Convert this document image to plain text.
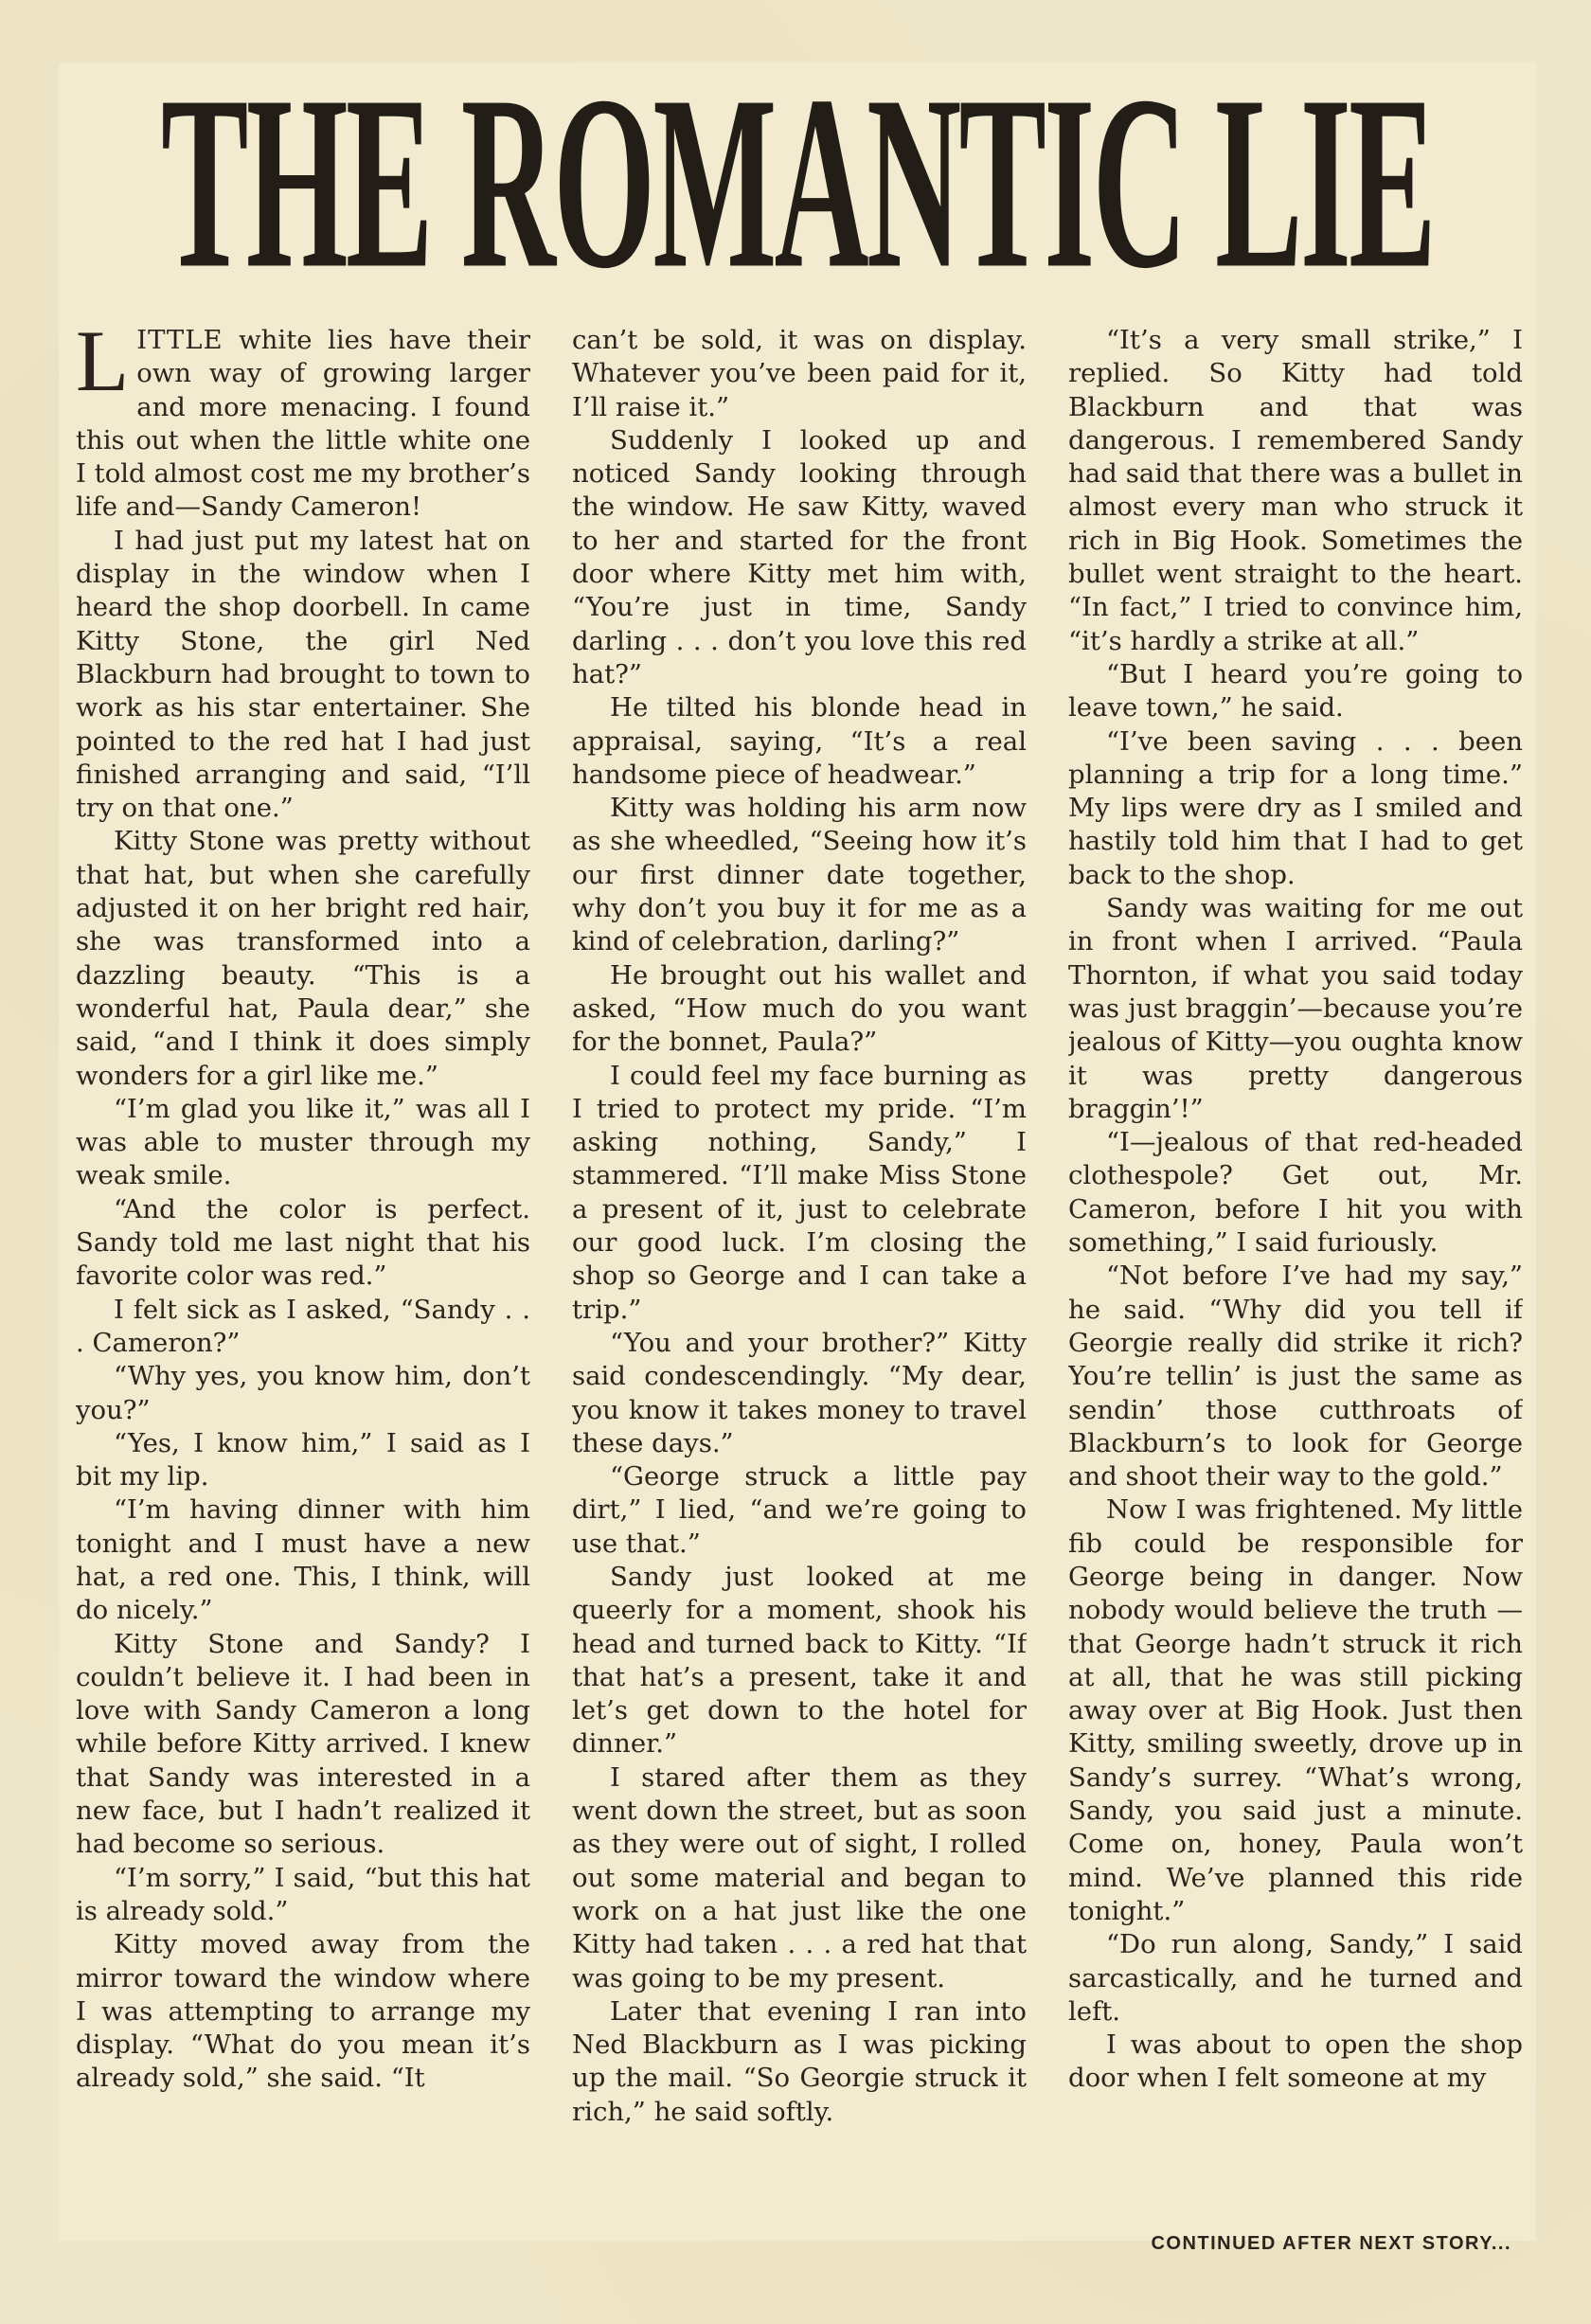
THE ROMANTIC LIE

LITTLE white lies have their own way of growing larger and more menacing. I found this out when the little white one I told almost cost me my brother’s life and—Sandy Cameron!

I had just put my latest hat on display in the window when I heard the shop doorbell. In came Kitty Stone, the girl Ned Blackburn had brought to town to work as his star entertainer. She pointed to the red hat I had just finished arranging and said, “I’ll try on that one.”

Kitty Stone was pretty without that hat, but when she carefully adjusted it on her bright red hair, she was transformed into a dazzling beauty. “This is a wonderful hat, Paula dear,” she said, “and I think it does simply wonders for a girl like me.”

“I’m glad you like it,” was all I was able to muster through my weak smile.

“And the color is perfect. Sandy told me last night that his favorite color was red.”

I felt sick as I asked, “Sandy . . . Cameron?”

“Why yes, you know him, don’t you?”

“Yes, I know him,” I said as I bit my lip.

“I’m having dinner with him tonight and I must have a new hat, a red one. This, I think, will do nicely.”

Kitty Stone and Sandy? I couldn’t believe it. I had been in love with Sandy Cameron a long while before Kitty arrived. I knew that Sandy was interested in a new face, but I hadn’t realized it had become so serious.

“I’m sorry,” I said, “but this hat is already sold.”

Kitty moved away from the mirror toward the window where I was attempting to arrange my display. “What do you mean it’s already sold,” she said. “It

can’t be sold, it was on display. Whatever you’ve been paid for it, I’ll raise it.”

Suddenly I looked up and noticed Sandy looking through the window. He saw Kitty, waved to her and started for the front door where Kitty met him with, “You’re just in time, Sandy darling . . . don’t you love this red hat?”

He tilted his blonde head in appraisal, saying, “It’s a real handsome piece of headwear.”

Kitty was holding his arm now as she wheedled, “Seeing how it’s our first dinner date together, why don’t you buy it for me as a kind of celebration, darling?”

He brought out his wallet and asked, “How much do you want for the bonnet, Paula?”

I could feel my face burning as I tried to protect my pride. “I’m asking nothing, Sandy,” I stammered. “I’ll make Miss Stone a present of it, just to celebrate our good luck. I’m closing the shop so George and I can take a trip.”

“You and your brother?” Kitty said condescendingly. “My dear, you know it takes money to travel these days.”

“George struck a little pay dirt,” I lied, “and we’re going to use that.”

Sandy just looked at me queerly for a moment, shook his head and turned back to Kitty. “If that hat’s a present, take it and let’s get down to the hotel for dinner.”

I stared after them as they went down the street, but as soon as they were out of sight, I rolled out some material and began to work on a hat just like the one Kitty had taken . . . a red hat that was going to be my present.

Later that evening I ran into Ned Blackburn as I was picking up the mail. “So Georgie struck it rich,” he said softly.

“It’s a very small strike,” I replied. So Kitty had told Blackburn and that was dangerous. I remembered Sandy had said that there was a bullet in almost every man who struck it rich in Big Hook. Sometimes the bullet went straight to the heart. “In fact,” I tried to convince him, “it’s hardly a strike at all.”

“But I heard you’re going to leave town,” he said.

“I’ve been saving . . . been planning a trip for a long time.” My lips were dry as I smiled and hastily told him that I had to get back to the shop.

Sandy was waiting for me out in front when I arrived. “Paula Thornton, if what you said today was just braggin’—because you’re jealous of Kitty—you oughta know it was pretty dangerous braggin’!”

“I—jealous of that red-headed clothespole? Get out, Mr. Cameron, before I hit you with something,” I said furiously.

“Not before I’ve had my say,” he said. “Why did you tell if Georgie really did strike it rich? You’re tellin’ is just the same as sendin’ those cutthroats of Blackburn’s to look for George and shoot their way to the gold.”

Now I was frightened. My little fib could be responsible for George being in danger. Now nobody would believe the truth — that George hadn’t struck it rich at all, that he was still picking away over at Big Hook. Just then Kitty, smiling sweetly, drove up in Sandy’s surrey. “What’s wrong, Sandy, you said just a minute. Come on, honey, Paula won’t mind. We’ve planned this ride tonight.”

“Do run along, Sandy,” I said sarcastically, and he turned and left.

I was about to open the shop door when I felt someone at my

CONTINUED AFTER NEXT STORY...
